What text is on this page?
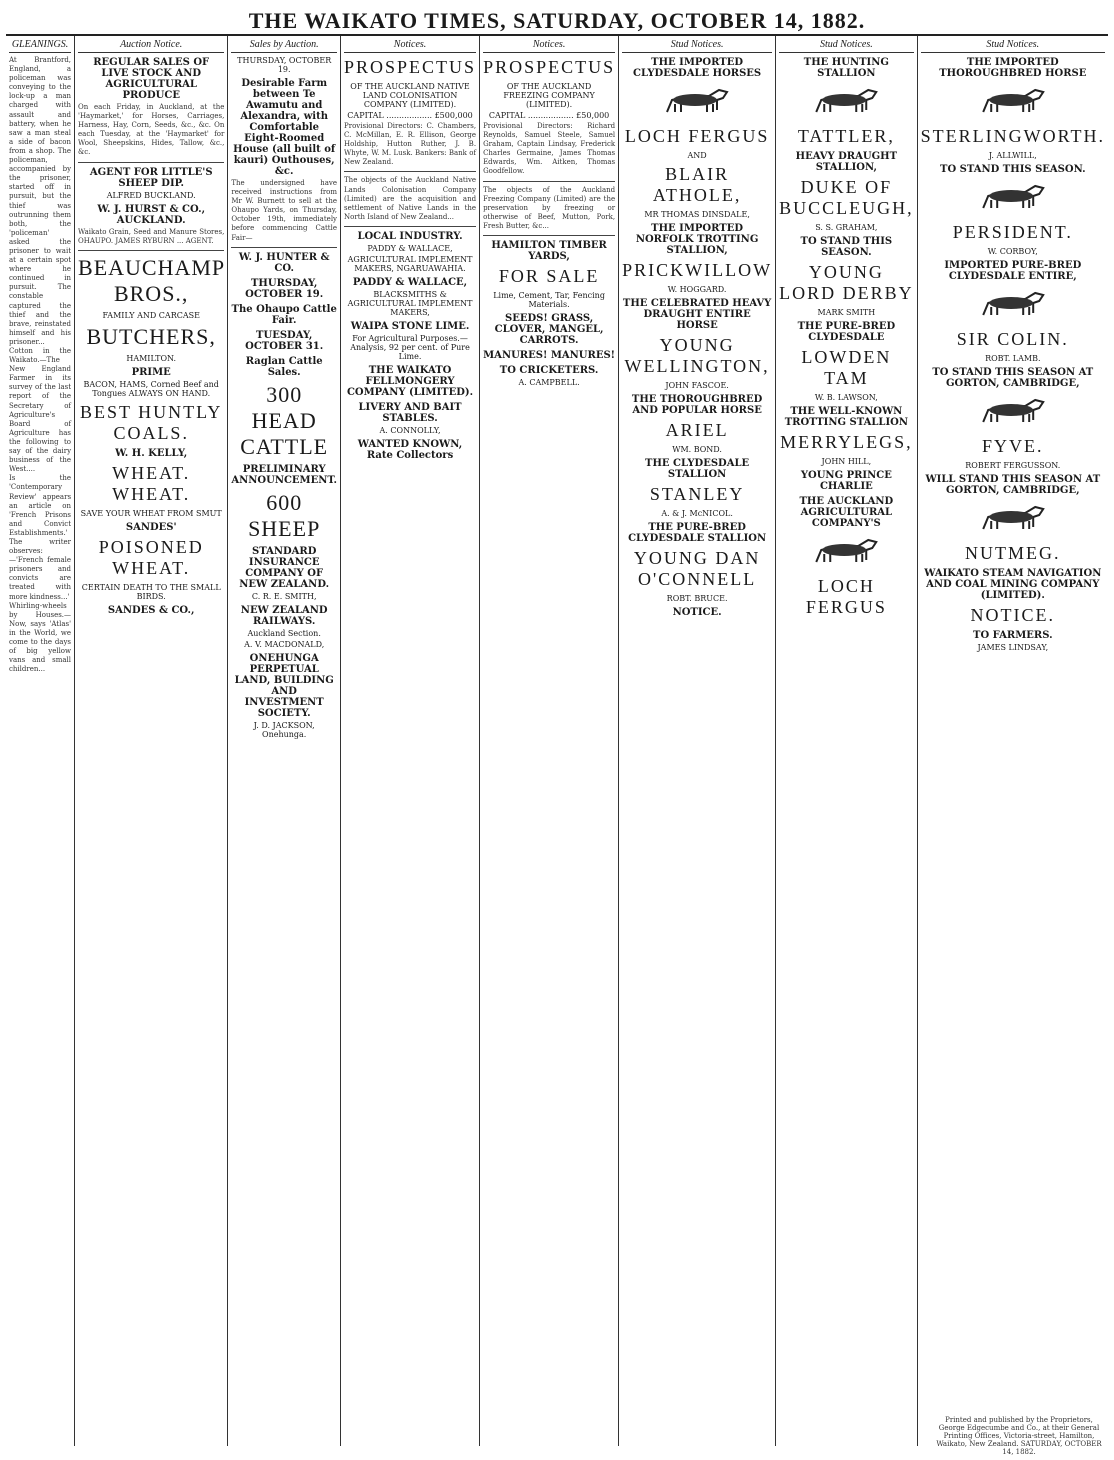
THE WAIKATO TIMES, SATURDAY, OCTOBER 14, 1882.
GLEANINGS.
At Brantford, England, a policeman was conveying to the lock-up a man charged with assault and battery, when he saw a man steal a side of bacon from a shop. The policeman, accompanied by the prisoner, started off in pursuit, but the thief was outrunning them both, the 'policeman' asked the prisoner to wait at a certain spot where he continued in pursuit. The constable captured the thief and the brave, reinstated himself and his prisoner...
Cotton in the Waikato.—The New England Farmer in its survey of the last report of the Secretary of Agriculture's Board of Agriculture has the following to say of the dairy business of the West....
Is the 'Contemporary Review' appears an article on 'French Prisons and Convict Establishments.' The writer observes:—'French female prisoners and convicts are treated with more kindness...'
Whirling-wheels by Houses.—Now, says 'Atlas' in the World, we come to the days of big yellow vans and small children...
Auction Notice.
REGULAR SALES OF LIVE STOCK AND AGRICULTURAL PRODUCE
On each Friday, in Auckland, at the 'Haymarket,' for Horses, Carriages, Harness, Hay, Corn, Seeds, &c., &c. On each Tuesday, at the 'Haymarket' for Wool, Sheepskins, Hides, Tallow, &c., &c.
AGENT FOR LITTLE'S SHEEP DIP.
ALFRED BUCKLAND.
W. J. HURST & CO., AUCKLAND.
Waikato Grain, Seed and Manure Stores, OHAUPO. JAMES RYBURN ... AGENT.
BEAUCHAMP BROS.,
FAMILY AND CARCASE
BUTCHERS,
HAMILTON.
PRIME
BACON, HAMS, Corned Beef and Tongues ALWAYS ON HAND.
BEST HUNTLY COALS.
W. H. KELLY,
WHEAT. WHEAT.
SAVE YOUR WHEAT FROM SMUT
SANDES'
POISONED WHEAT.
CERTAIN DEATH TO THE SMALL BIRDS.
SANDES & CO.,
Sales by Auction.
THURSDAY, OCTOBER 19.
Desirable Farm between Te Awamutu and Alexandra, with Comfortable Eight-Roomed House (all built of kauri) Outhouses, &c.
The undersigned have received instructions from Mr W. Burnett to sell at the Ohaupo Yards, on Thursday, October 19th, immediately before commencing Cattle Fair—
W. J. HUNTER & CO.
THURSDAY, OCTOBER 19.
The Ohaupo Cattle Fair.
TUESDAY, OCTOBER 31.
Raglan Cattle Sales.
300 HEAD CATTLE
PRELIMINARY ANNOUNCEMENT.
600 SHEEP
STANDARD INSURANCE COMPANY OF NEW ZEALAND.
C. R. E. SMITH,
NEW ZEALAND RAILWAYS.
Auckland Section.
A. V. MACDONALD,
ONEHUNGA PERPETUAL LAND, BUILDING AND INVESTMENT SOCIETY.
J. D. JACKSON, Onehunga.
Notices.
PROSPECTUS
OF THE AUCKLAND NATIVE LAND COLONISATION COMPANY (LIMITED).
CAPITAL .................. £500,000
Provisional Directors: C. Chambers, C. McMillan, E. R. Ellison, George Holdship, Hutton Ruther, J. B. Whyte, W. M. Lusk. Bankers: Bank of New Zealand.
The objects of the Auckland Native Lands Colonisation Company (Limited) are the acquisition and settlement of Native Lands in the North Island of New Zealand...
LOCAL INDUSTRY.
PADDY & WALLACE,
AGRICULTURAL IMPLEMENT MAKERS, NGARUAWAHIA.
PADDY & WALLACE,
BLACKSMITHS & AGRICULTURAL IMPLEMENT MAKERS,
WAIPA STONE LIME.
For Agricultural Purposes.—Analysis, 92 per cent. of Pure Lime.
THE WAIKATO FELLMONGERY COMPANY (LIMITED).
LIVERY AND BAIT STABLES.
A. CONNOLLY,
WANTED KNOWN, Rate Collectors
Notices.
PROSPECTUS
OF THE AUCKLAND FREEZING COMPANY (LIMITED).
CAPITAL .................. £50,000
Provisional Directors: Richard Reynolds, Samuel Steele, Samuel Graham, Captain Lindsay, Frederick Charles Germaine, James Thomas Edwards, Wm. Aitken, Thomas Goodfellow.
The objects of the Auckland Freezing Company (Limited) are the preservation by freezing or otherwise of Beef, Mutton, Pork, Fresh Butter, &c...
HAMILTON TIMBER YARDS,
FOR SALE
Lime, Cement, Tar, Fencing Materials.
SEEDS! GRASS, CLOVER, MANGEL, CARROTS.
MANURES! MANURES!
TO CRICKETERS.
A. CAMPBELL.
Stud Notices.
THE IMPORTED CLYDESDALE HORSES
LOCH FERGUS
AND
BLAIR ATHOLE,
MR THOMAS DINSDALE,
THE IMPORTED NORFOLK TROTTING STALLION,
PRICKWILLOW
W. HOGGARD.
THE CELEBRATED HEAVY DRAUGHT ENTIRE HORSE
YOUNG WELLINGTON,
JOHN FASCOE.
THE THOROUGHBRED AND POPULAR HORSE
ARIEL
WM. BOND.
THE CLYDESDALE STALLION
STANLEY
A. & J. McNICOL.
THE PURE-BRED CLYDESDALE STALLION
YOUNG DAN O'CONNELL
ROBT. BRUCE.
NOTICE.
Stud Notices.
THE HUNTING STALLION
TATTLER,
HEAVY DRAUGHT STALLION,
DUKE OF BUCCLEUGH,
S. S. GRAHAM,
TO STAND THIS SEASON.
YOUNG LORD DERBY
MARK SMITH
THE PURE-BRED CLYDESDALE
LOWDEN TAM
W. B. LAWSON,
THE WELL-KNOWN TROTTING STALLION
MERRYLEGS,
JOHN HILL,
YOUNG PRINCE CHARLIE
THE AUCKLAND AGRICULTURAL COMPANY'S
LOCH FERGUS
Stud Notices.
THE IMPORTED THOROUGHBRED HORSE
STERLINGWORTH.
J. ALLWILL,
TO STAND THIS SEASON.
PERSIDENT.
W. CORBOY,
IMPORTED PURE-BRED CLYDESDALE ENTIRE,
SIR COLIN.
ROBT. LAMB.
TO STAND THIS SEASON AT GORTON, CAMBRIDGE,
FYVE.
ROBERT FERGUSSON.
WILL STAND THIS SEASON AT GORTON, CAMBRIDGE,
NUTMEG.
WAIKATO STEAM NAVIGATION AND COAL MINING COMPANY (LIMITED).
NOTICE.
TO FARMERS.
JAMES LINDSAY,
Printed and published by the Proprietors, George Edgecumbe and Co., at their General Printing Offices, Victoria-street, Hamilton, Waikato, New Zealand. SATURDAY, OCTOBER 14, 1882.
